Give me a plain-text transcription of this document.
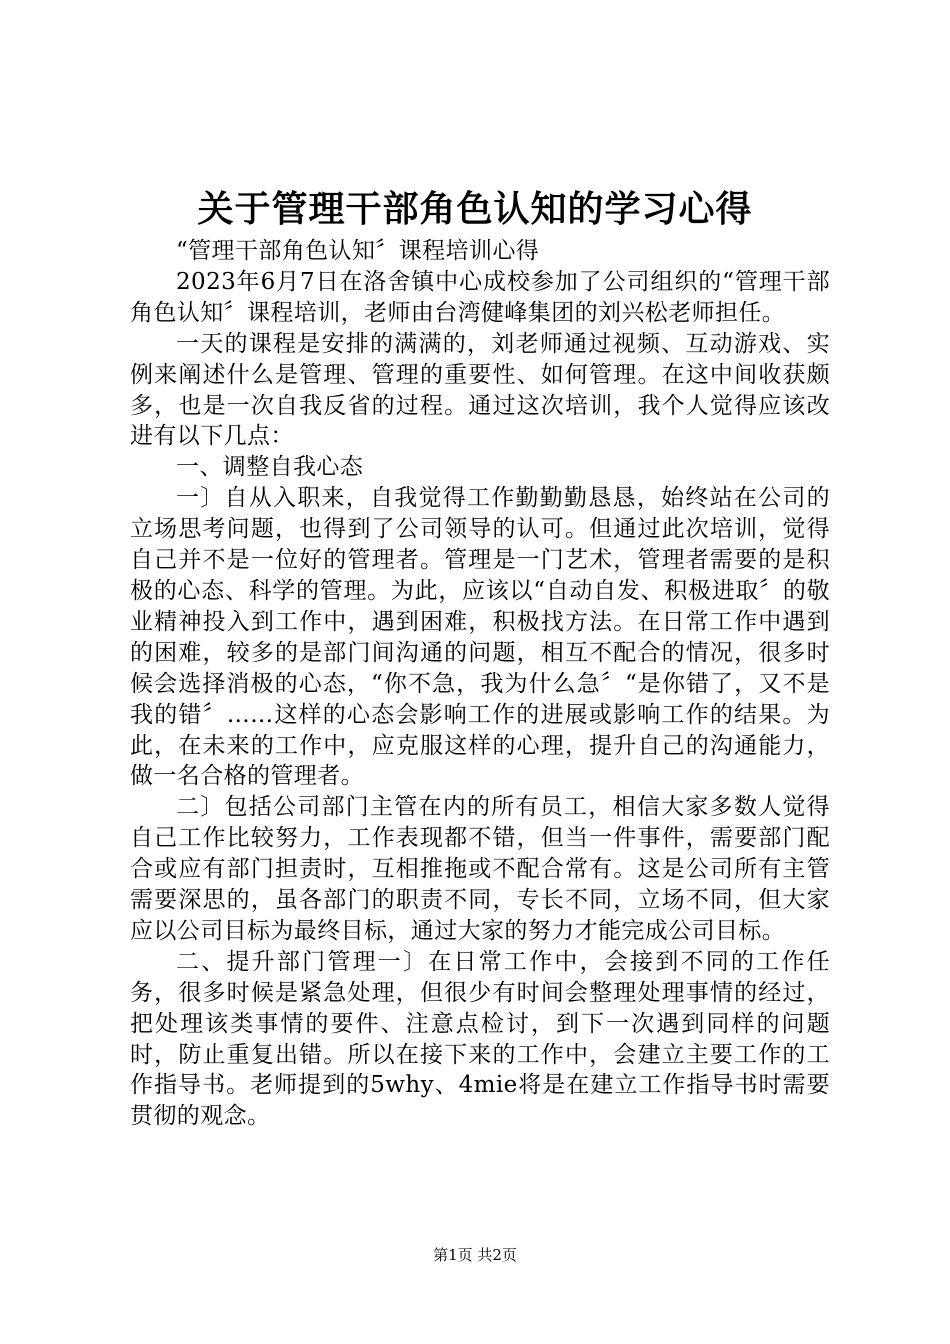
关于管理干部角色认知的学习心得

“管理干部角色认知〞课程培训心得

2023年6月7日在洛舍镇中心成校参加了公司组织的“管理干部角色认知〞课程培训，老师由台湾健峰集团的刘兴松老师担任。

一天的课程是安排的满满的，刘老师通过视频、互动游戏、实例来阐述什么是管理、管理的重要性、如何管理。在这中间收获颇多，也是一次自我反省的过程。通过这次培训，我个人觉得应该改进有以下几点：

一、调整自我心态

一〕自从入职来，自我觉得工作勤勤勤恳恳，始终站在公司的立场思考问题，也得到了公司领导的认可。但通过此次培训，觉得自己并不是一位好的管理者。管理是一门艺术，管理者需要的是积极的心态、科学的管理。为此，应该以“自动自发、积极进取〞的敬业精神投入到工作中，遇到困难，积极找方法。在日常工作中遇到的困难，较多的是部门间沟通的问题，相互不配合的情况，很多时候会选择消极的心态，“你不急，我为什么急〞“是你错了，又不是我的错〞……这样的心态会影响工作的进展或影响工作的结果。为此，在未来的工作中，应克服这样的心理，提升自己的沟通能力，做一名合格的管理者。

二〕包括公司部门主管在内的所有员工，相信大家多数人觉得自己工作比较努力，工作表现都不错，但当一件事件，需要部门配合或应有部门担责时，互相推拖或不配合常有。这是公司所有主管需要深思的，虽各部门的职责不同，专长不同，立场不同，但大家应以公司目标为最终目标，通过大家的努力才能完成公司目标。

二、提升部门管理一〕在日常工作中，会接到不同的工作任务，很多时候是紧急处理，但很少有时间会整理处理事情的经过，把处理该类事情的要件、注意点检讨，到下一次遇到同样的问题时，防止重复出错。所以在接下来的工作中，会建立主要工作的工作指导书。老师提到的5why、4mie将是在建立工作指导书时需要贯彻的观念。

第1页 共2页
